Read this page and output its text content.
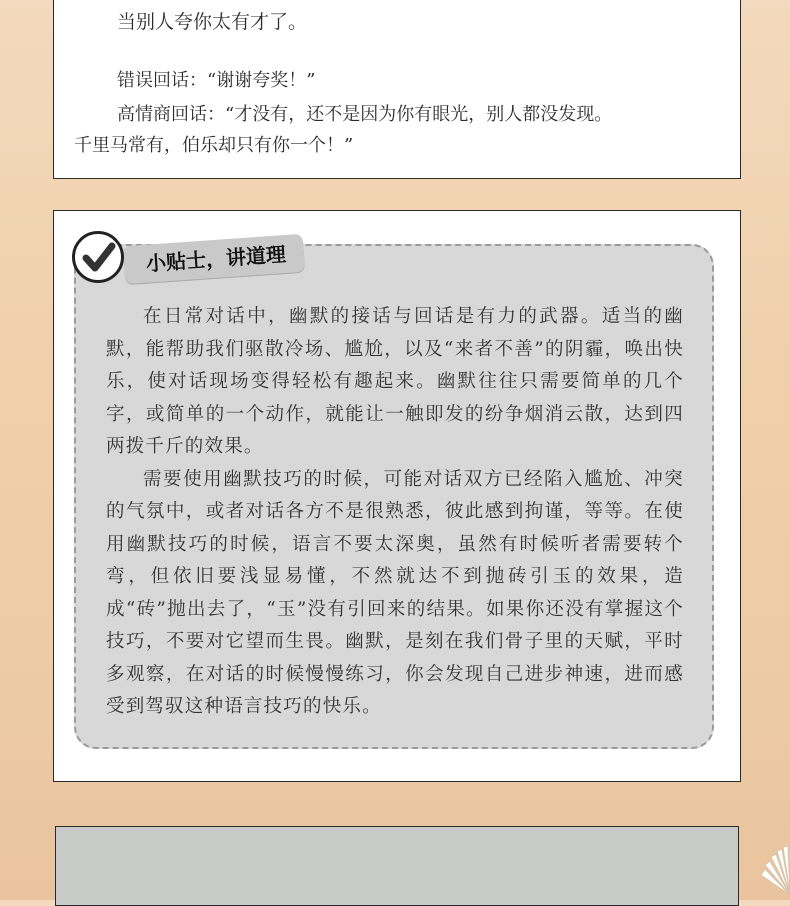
当别人夸你太有才了。
错误回话：“谢谢夸奖！”
高情商回话：“才没有，还不是因为你有眼光，别人都没发现。
千里马常有，伯乐却只有你一个！”

在日常对话中，幽默的接话与回话是有力的武器。适当的幽默，能帮助我们驱散冷场、尴尬，以及“来者不善”的阴霾，唤出快乐，使对话现场变得轻松有趣起来。幽默往往只需要简单的几个字，或简单的一个动作，就能让一触即发的纷争烟消云散，达到四两拨千斤的效果。

需要使用幽默技巧的时候，可能对话双方已经陷入尴尬、冲突的气氛中，或者对话各方不是很熟悉，彼此感到拘谨，等等。在使用幽默技巧的时候，语言不要太深奥，虽然有时候听者需要转个弯，但依旧要浅显易懂，不然就达不到抛砖引玉的效果，造成“砖”抛出去了，“玉”没有引回来的结果。如果你还没有掌握这个技巧，不要对它望而生畏。幽默，是刻在我们骨子里的天赋，平时多观察，在对话的时候慢慢练习，你会发现自己进步神速，进而感受到驾驭这种语言技巧的快乐。

小贴士，讲道理
